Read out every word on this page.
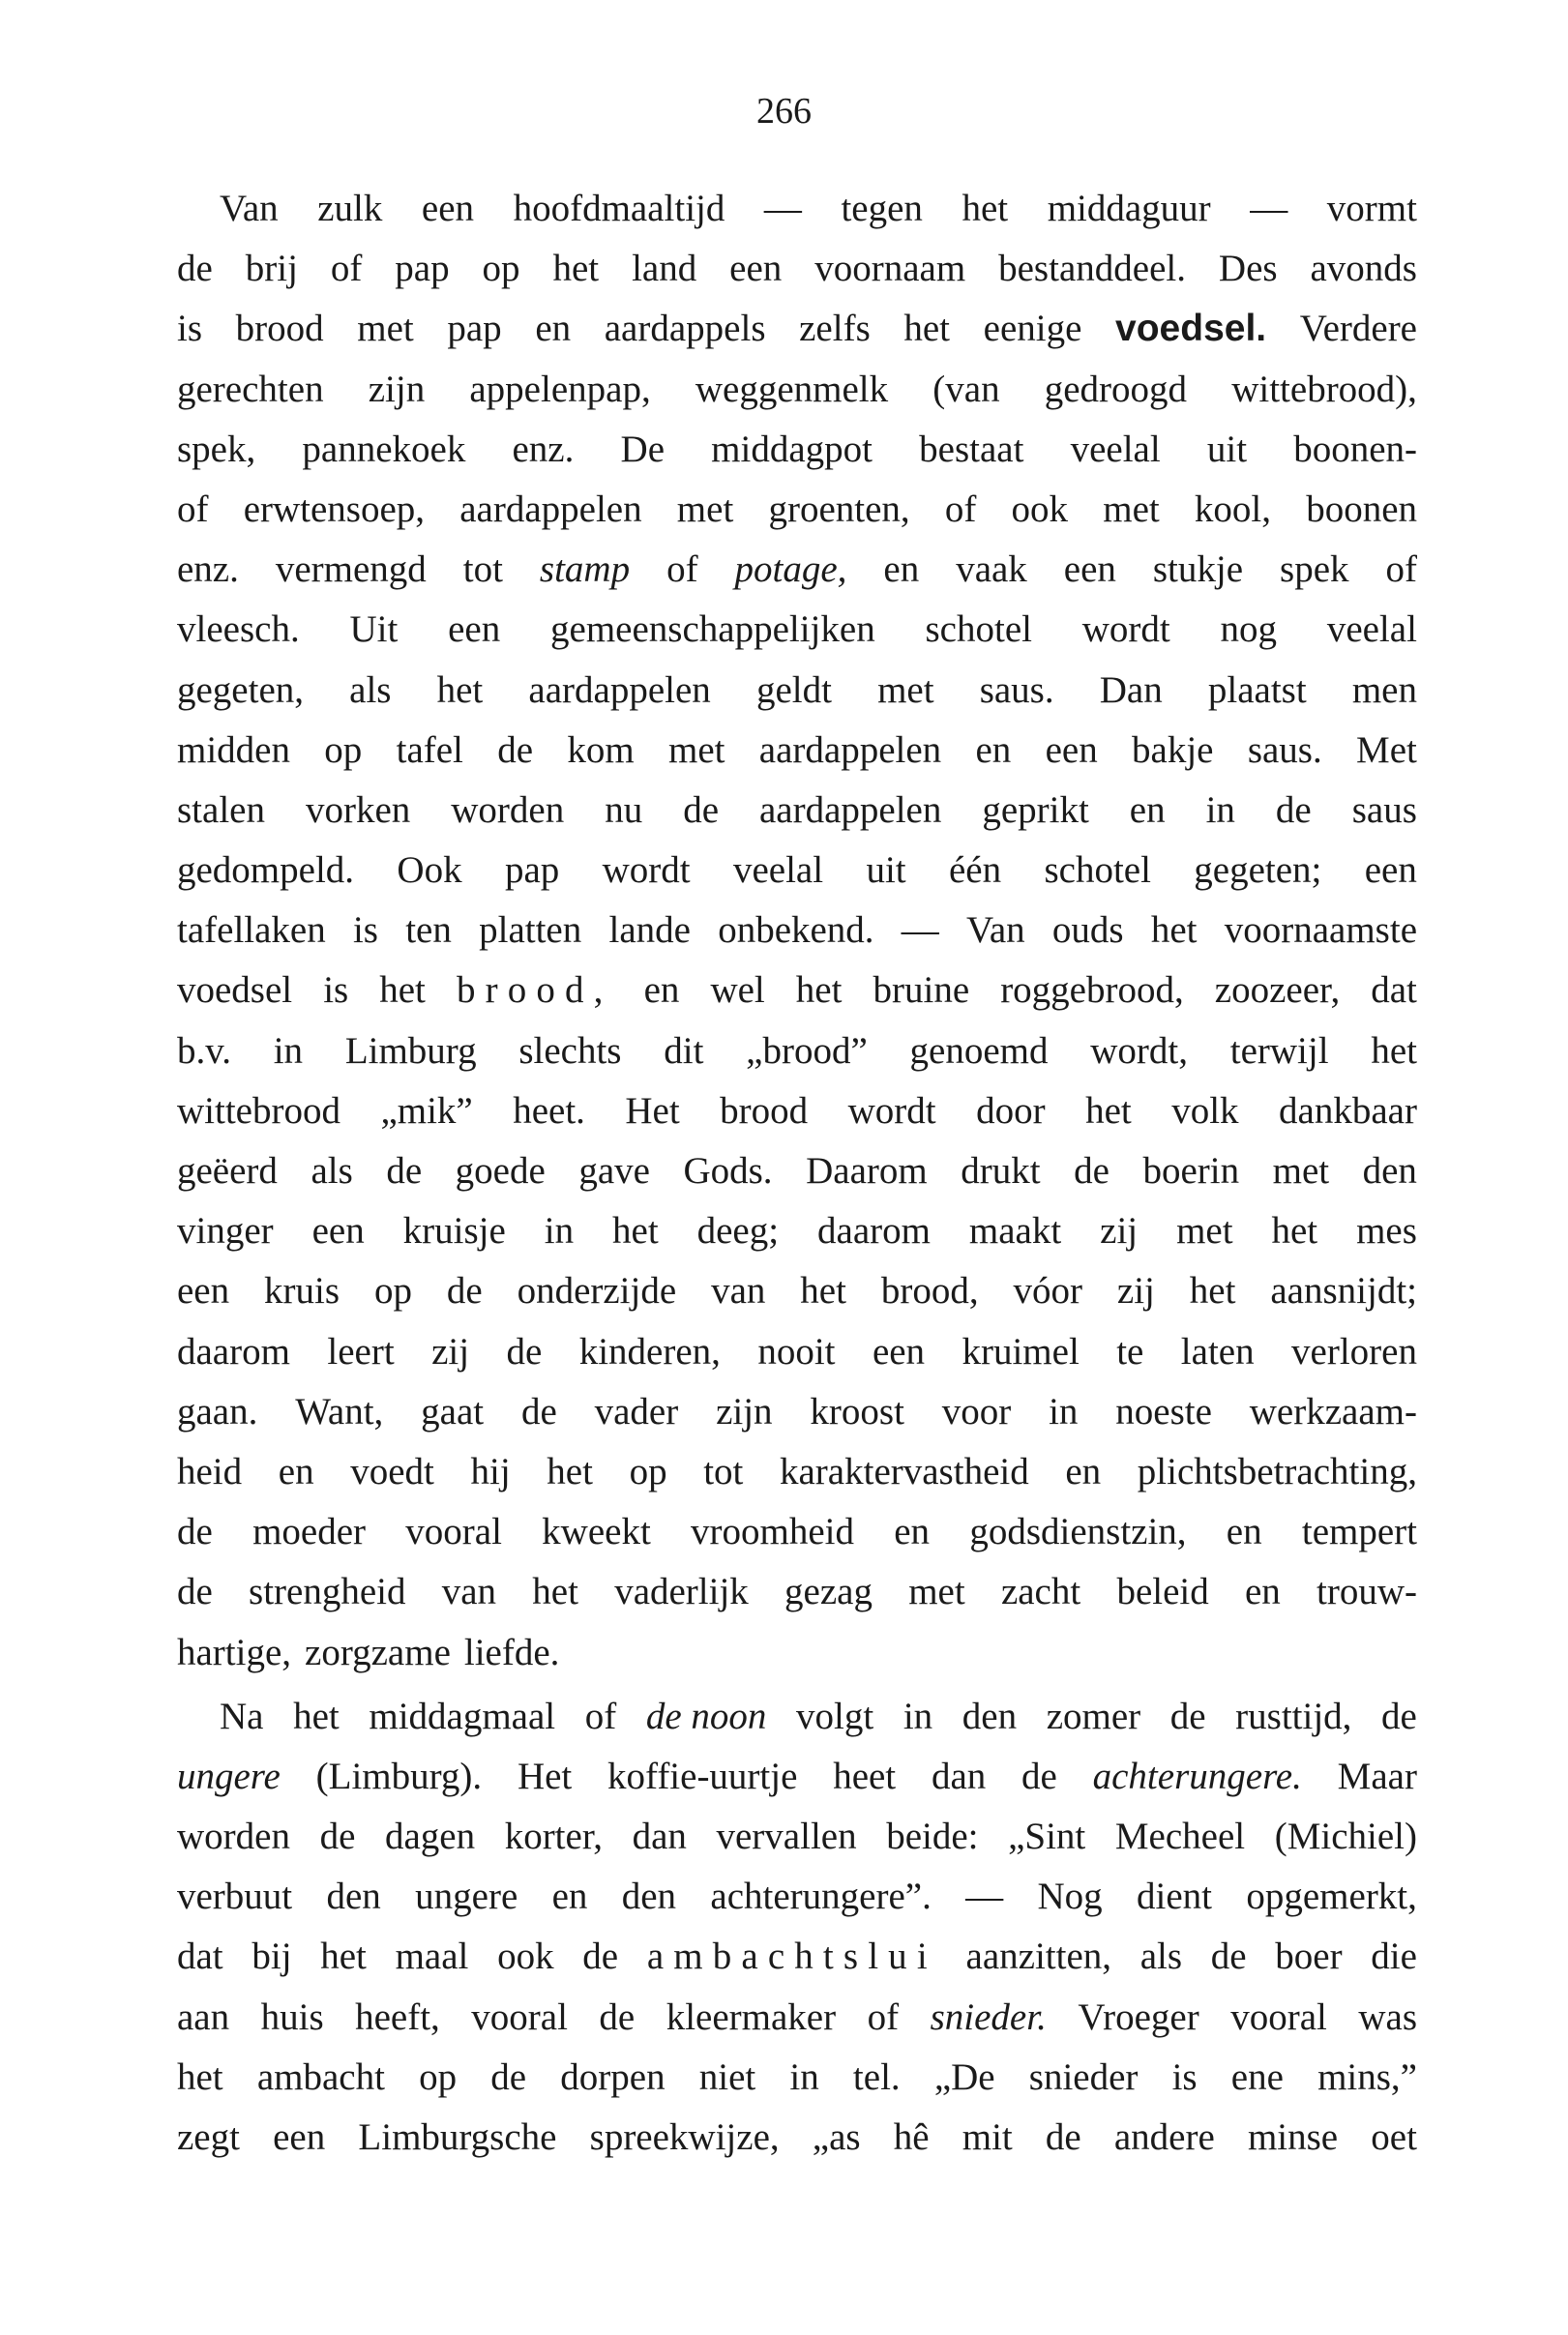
266
Van zulk een hoofdmaaltijd — tegen het middaguur — vormt
de brij of pap op het land een voornaam bestanddeel. Des avonds
is brood met pap en aardappels zelfs het eenige voedsel. Verdere
gerechten zijn appelenpap, weggenmelk (van gedroogd wittebrood),
spek, pannekoek enz. De middagpot bestaat veelal uit boonen-
of erwtensoep, aardappelen met groenten, of ook met kool, boonen
enz. vermengd tot stamp of potage, en vaak een stukje spek of
vleesch. Uit een gemeenschappelijken schotel wordt nog veelal
gegeten, als het aardappelen geldt met saus. Dan plaatst men
midden op tafel de kom met aardappelen en een bakje saus. Met
stalen vorken worden nu de aardappelen geprikt en in de saus
gedompeld. Ook pap wordt veelal uit één schotel gegeten; een
tafellaken is ten platten lande onbekend. — Van ouds het voornaamste
voedsel is het brood, en wel het bruine roggebrood, zoozeer, dat
b.v. in Limburg slechts dit „brood” genoemd wordt, terwijl het
wittebrood „mik” heet. Het brood wordt door het volk dankbaar
geëerd als de goede gave Gods. Daarom drukt de boerin met den
vinger een kruisje in het deeg; daarom maakt zij met het mes
een kruis op de onderzijde van het brood, vóor zij het aansnijdt;
daarom leert zij de kinderen, nooit een kruimel te laten verloren
gaan. Want, gaat de vader zijn kroost voor in noeste werkzaam-
heid en voedt hij het op tot karaktervastheid en plichtsbetrachting,
de moeder vooral kweekt vroomheid en godsdienstzin, en tempert
de strengheid van het vaderlijk gezag met zacht beleid en trouw-
hartige, zorgzame liefde.
Na het middagmaal of de noon volgt in den zomer de rusttijd, de
ungere (Limburg). Het koffie-uurtje heet dan de achterungere. Maar
worden de dagen korter, dan vervallen beide: „Sint Mecheel (Michiel)
verbuut den ungere en den achterungere”. — Nog dient opgemerkt,
dat bij het maal ook de ambachtslui aanzitten, als de boer die
aan huis heeft, vooral de kleermaker of snieder. Vroeger vooral was
het ambacht op de dorpen niet in tel. „De snieder is ene mins,”
zegt een Limburgsche spreekwijze, „as hê mit de andere minse oet
